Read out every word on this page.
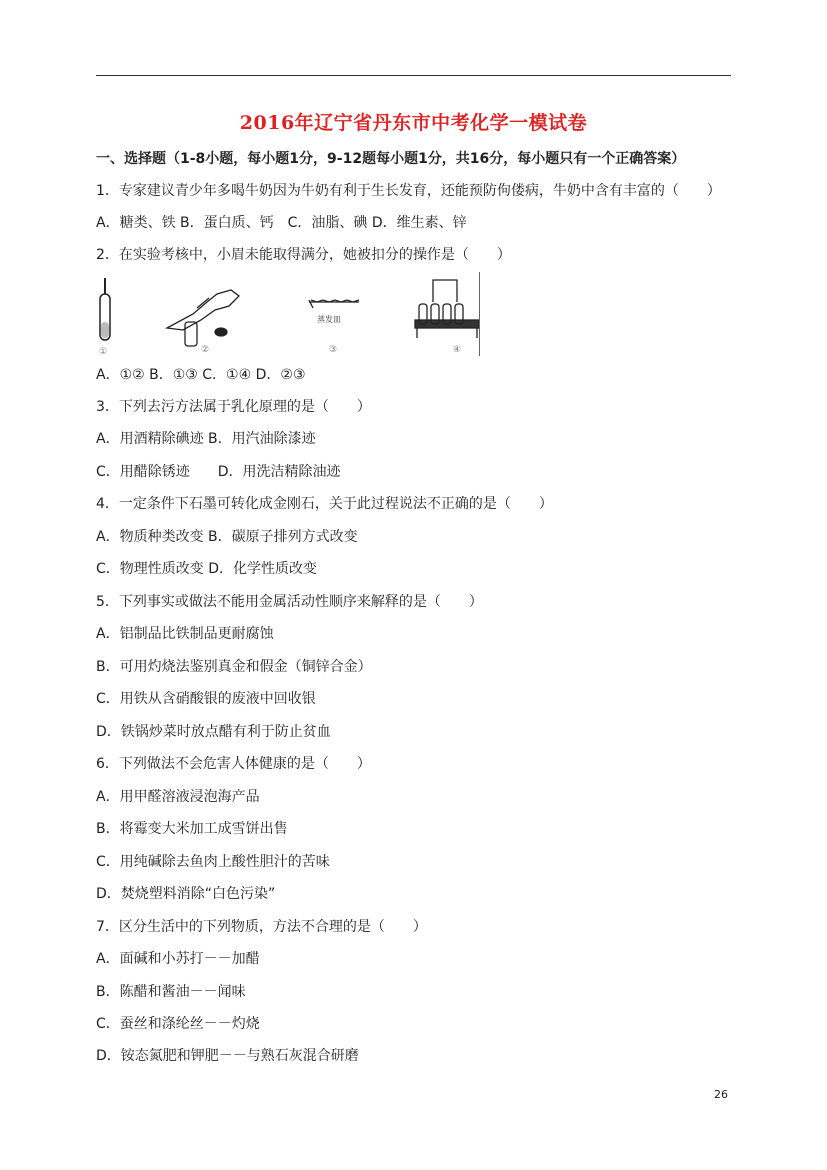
2016年辽宁省丹东市中考化学一模试卷
一、选择题（1-8小题，每小题1分，9-12题每小题1分，共16分，每小题只有一个正确答案）
1．专家建议青少年多喝牛奶因为牛奶有利于生长发育，还能预防佝偻病，牛奶中含有丰富的（　　）
A．糖类、铁 B．蛋白质、钙　C．油脂、碘 D．维生素、锌
2．在实验考核中，小眉未能取得满分，她被扣分的操作是（　　）
①	②
蒸发皿
③	④
A．①② B．①③ C．①④ D．②③
3．下列去污方法属于乳化原理的是（　　）
A．用酒精除碘迹 B．用汽油除漆迹
C．用醋除锈迹　　D．用洗洁精除油迹
4．一定条件下石墨可转化成金刚石，关于此过程说法不正确的是（　　）
A．物质种类改变 B．碳原子排列方式改变
C．物理性质改变 D．化学性质改变
5．下列事实或做法不能用金属活动性顺序来解释的是（　　）
A．铝制品比铁制品更耐腐蚀
B．可用灼烧法鉴别真金和假金（铜锌合金）
C．用铁从含硝酸银的废液中回收银
D．铁锅炒菜时放点醋有利于防止贫血
6．下列做法不会危害人体健康的是（　　）
A．用甲醛溶液浸泡海产品
B．将霉变大米加工成雪饼出售
C．用纯碱除去鱼肉上酸性胆汁的苦味
D．焚烧塑料消除“白色污染”
7．区分生活中的下列物质，方法不合理的是（　　）
A．面碱和小苏打－－加醋
B．陈醋和酱油－－闻味
C．蚕丝和涤纶丝－－灼烧
D．铵态氮肥和钾肥－－与熟石灰混合研磨
26
